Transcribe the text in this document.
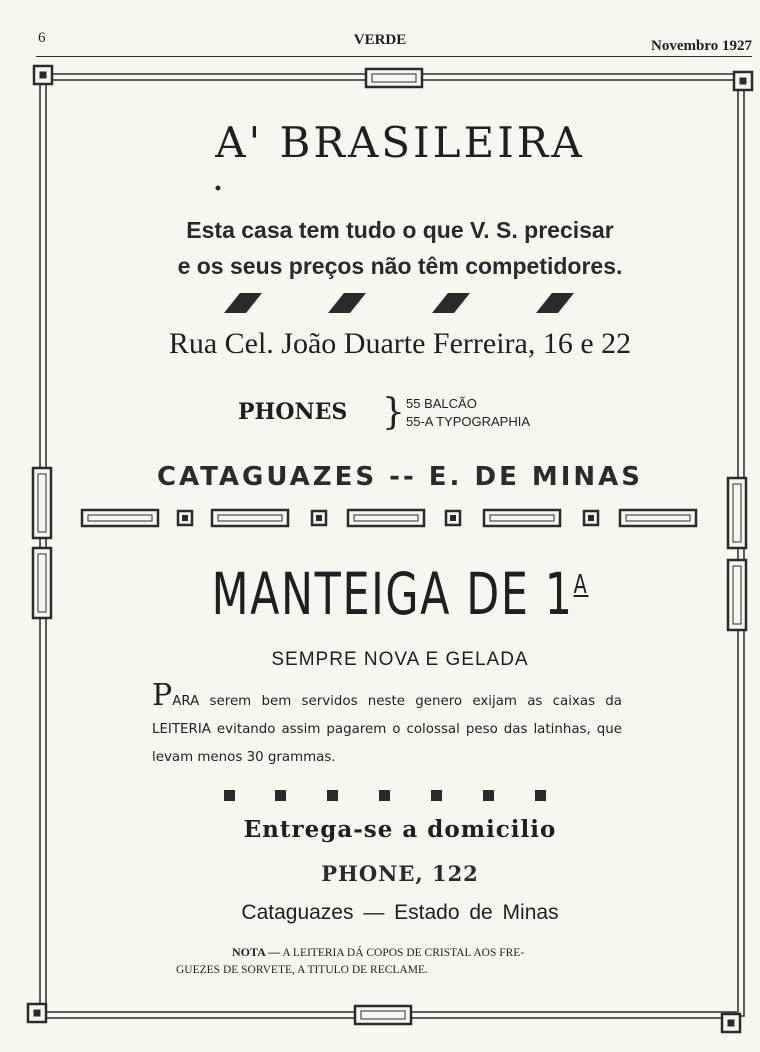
6	VERDE	Novembro 1927
A' BRASILEIRA
Esta casa tem tudo o que V. S. precisar
e os seus preços não têm competidores.
Rua Cel. João Duarte Ferreira, 16 e 22
PHONES } 55 BALCÃO
55-A TYPOGRAPHIA
CATAGUAZES -- E. DE MINAS
MANTEIGA DE $1^A$
SEMPRE NOVA E GELADA
PARA serem bem servidos neste genero exijam as caixas da LEITERIA evitando assim pagarem o colossal peso das latinhas, que levam menos 30 grammas.
Entrega-se a domicilio
PHONE, 122
Cataguazes — Estado de Minas
NOTA — A LEITERIA DÁ COPOS DE CRISTAL AOS FRE-
GUEZES DE SORVETE, A TITULO DE RECLAME.
